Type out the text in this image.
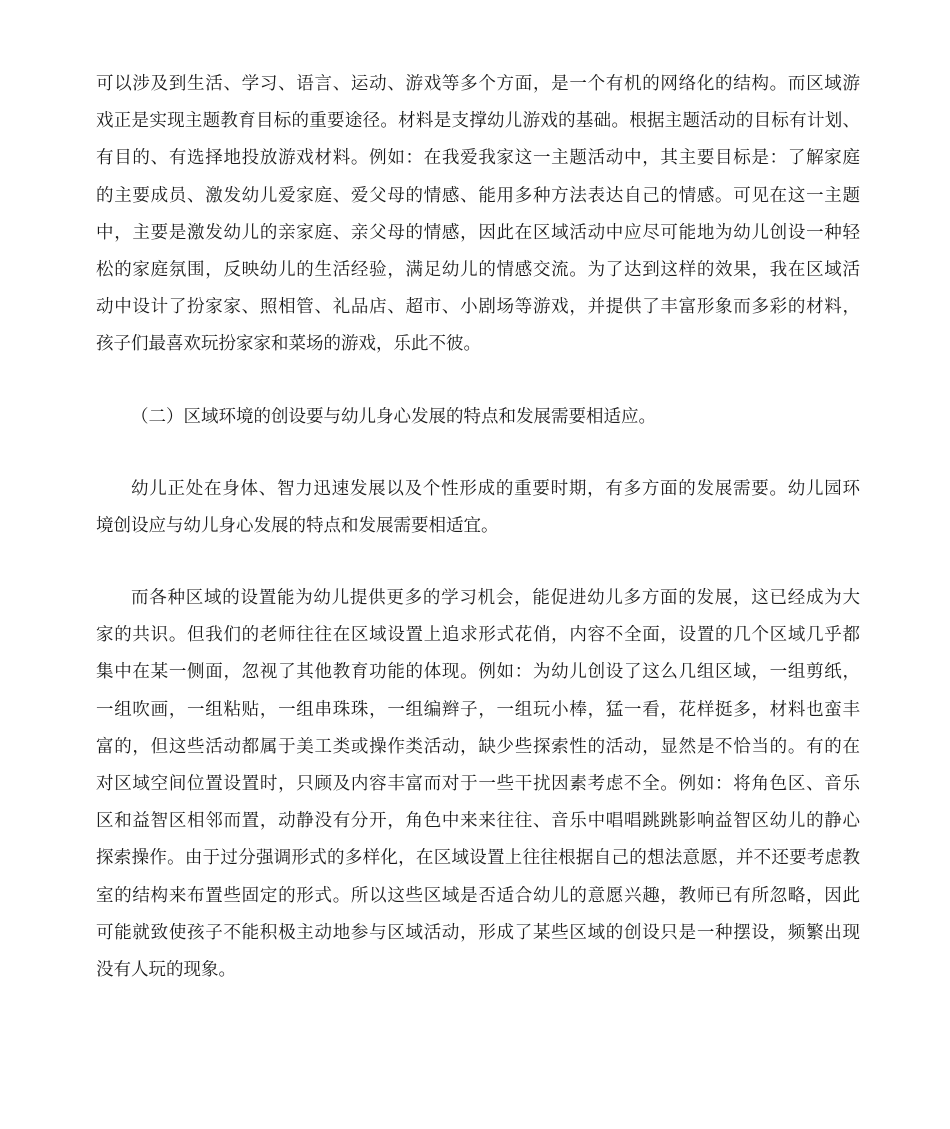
可以涉及到生活、学习、语言、运动、游戏等多个方面，是一个有机的网络化的结构。而区域游
戏正是实现主题教育目标的重要途径。材料是支撑幼儿游戏的基础。根据主题活动的目标有计划、
有目的、有选择地投放游戏材料。例如：在我爱我家这一主题活动中，其主要目标是：了解家庭
的主要成员、激发幼儿爱家庭、爱父母的情感、能用多种方法表达自己的情感。可见在这一主题
中，主要是激发幼儿的亲家庭、亲父母的情感，因此在区域活动中应尽可能地为幼儿创设一种轻
松的家庭氛围，反映幼儿的生活经验，满足幼儿的情感交流。为了达到这样的效果，我在区域活
动中设计了扮家家、照相管、礼品店、超市、小剧场等游戏，并提供了丰富形象而多彩的材料，
孩子们最喜欢玩扮家家和菜场的游戏，乐此不彼。
（二）区域环境的创设要与幼儿身心发展的特点和发展需要相适应。
幼儿正处在身体、智力迅速发展以及个性形成的重要时期，有多方面的发展需要。幼儿园环
境创设应与幼儿身心发展的特点和发展需要相适宜。
而各种区域的设置能为幼儿提供更多的学习机会，能促进幼儿多方面的发展，这已经成为大
家的共识。但我们的老师往往在区域设置上追求形式花俏，内容不全面，设置的几个区域几乎都
集中在某一侧面，忽视了其他教育功能的体现。例如：为幼儿创设了这么几组区域，一组剪纸，
一组吹画，一组粘贴，一组串珠珠，一组编辫子，一组玩小棒，猛一看，花样挺多，材料也蛮丰
富的，但这些活动都属于美工类或操作类活动，缺少些探索性的活动，显然是不恰当的。有的在
对区域空间位置设置时，只顾及内容丰富而对于一些干扰因素考虑不全。例如：将角色区、音乐
区和益智区相邻而置，动静没有分开，角色中来来往往、音乐中唱唱跳跳影响益智区幼儿的静心
探索操作。由于过分强调形式的多样化，在区域设置上往往根据自己的想法意愿，并不还要考虑教
室的结构来布置些固定的形式。所以这些区域是否适合幼儿的意愿兴趣，教师已有所忽略，因此
可能就致使孩子不能积极主动地参与区域活动，形成了某些区域的创设只是一种摆设，频繁出现
没有人玩的现象。
